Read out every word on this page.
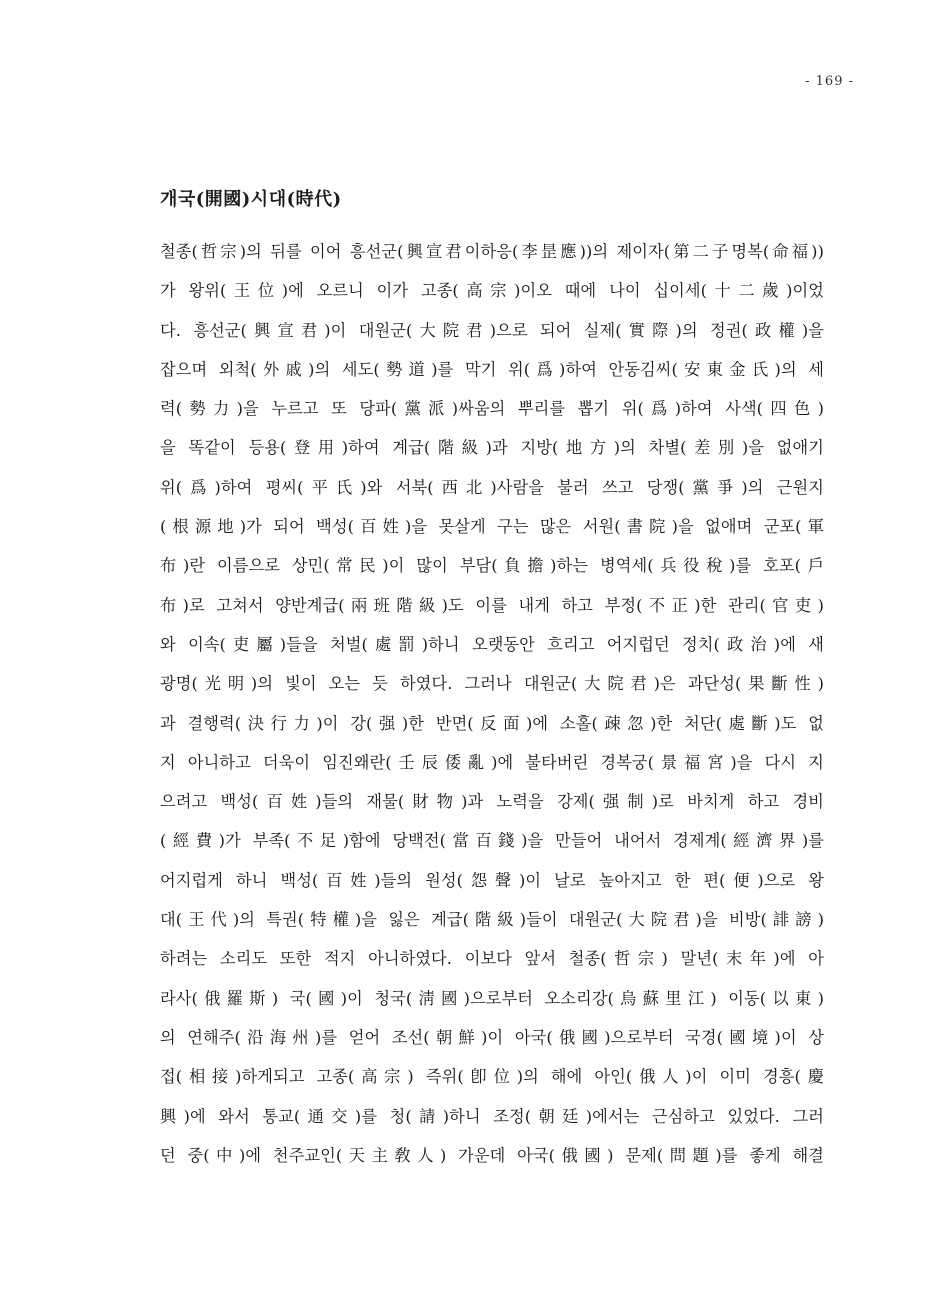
- 169 -
개국(開國)시대(時代)
철종(哲宗)의 뒤를 이어 흥선군(興宣君이하응(李昰應))의 제이자(第二子명복(命福))
가 왕위(王位)에 오르니 이가 고종(高宗)이오 때에 나이 십이세(十二歲)이었
다. 흥선군(興宣君)이 대원군(大院君)으로 되어 실제(實際)의 정권(政權)을
잡으며 외척(外戚)의 세도(勢道)를 막기 위(爲)하여 안동김씨(安東金氏)의 세
력(勢力)을 누르고 또 당파(黨派)싸움의 뿌리를 뽑기 위(爲)하여 사색(四色)
을 똑같이 등용(登用)하여 계급(階級)과 지방(地方)의 차별(差別)을 없애기
위(爲)하여 평씨(平氏)와 서북(西北)사람을 불러 쓰고 당쟁(黨爭)의 근원지
(根源地)가 되어 백성(百姓)을 못살게 구는 많은 서원(書院)을 없애며 군포(軍
布)란 이름으로 상민(常民)이 많이 부담(負擔)하는 병역세(兵役稅)를 호포(戶
布)로 고쳐서 양반계급(兩班階級)도 이를 내게 하고 부정(不正)한 관리(官吏)
와 이속(吏屬)들을 처벌(處罰)하니 오랫동안 흐리고 어지럽던 정치(政治)에 새
광명(光明)의 빛이 오는 듯 하였다. 그러나 대원군(大院君)은 과단성(果斷性)
과 결행력(決行力)이 강(强)한 반면(反面)에 소홀(疎忽)한 처단(處斷)도 없
지 아니하고 더욱이 임진왜란(壬辰倭亂)에 불타버린 경복궁(景福宮)을 다시 지
으려고 백성(百姓)들의 재물(財物)과 노력을 강제(强制)로 바치게 하고 경비
(經費)가 부족(不足)함에 당백전(當百錢)을 만들어 내어서 경제계(經濟界)를
어지럽게 하니 백성(百姓)들의 원성(怨聲)이 날로 높아지고 한 편(便)으로 왕
대(王代)의 특권(特權)을 잃은 계급(階級)들이 대원군(大院君)을 비방(誹謗)
하려는 소리도 또한 적지 아니하였다. 이보다 앞서 철종(哲宗) 말년(末年)에 아
라사(俄羅斯) 국(國)이 청국(淸國)으로부터 오소리강(烏蘇里江) 이동(以東)
의 연해주(沿海州)를 얻어 조선(朝鮮)이 아국(俄國)으로부터 국경(國境)이 상
접(相接)하게되고 고종(高宗) 즉위(卽位)의 해에 아인(俄人)이 이미 경흥(慶
興)에 와서 통교(通交)를 청(請)하니 조정(朝廷)에서는 근심하고 있었다. 그러
던 중(中)에 천주교인(天主敎人) 가운데 아국(俄國) 문제(問題)를 좋게 해결
